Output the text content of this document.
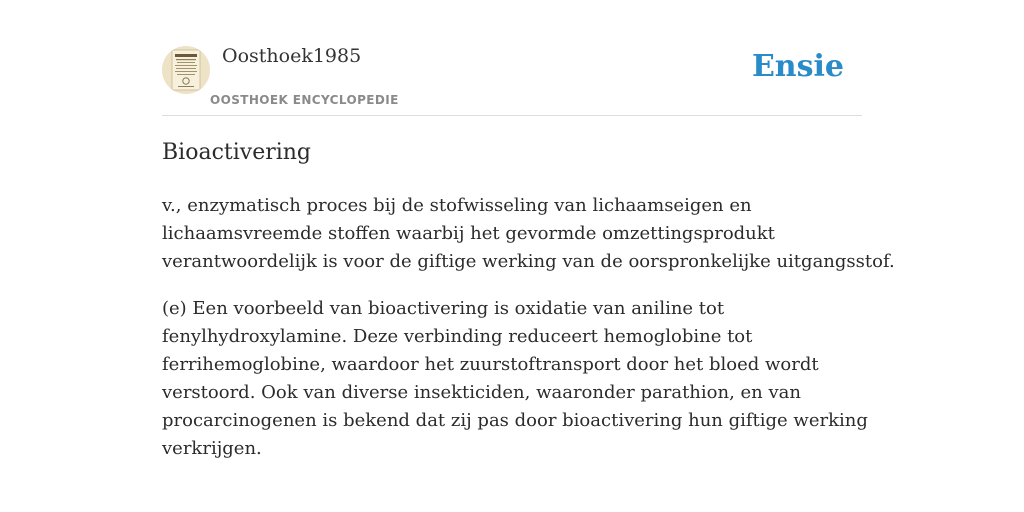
Oosthoek1985
OOSTHOEK ENCYCLOPEDIE
Ensie
Bioactivering

v., enzymatisch proces bij de stofwisseling van lichaamseigen en
lichaamsvreemde stoffen waarbij het gevormde omzettingsprodukt
verantwoordelijk is voor de giftige werking van de oorspronkelijke uitgangsstof.

(e) Een voorbeeld van bioactivering is oxidatie van aniline tot
fenylhydroxylamine. Deze verbinding reduceert hemoglobine tot
ferrihemoglobine, waardoor het zuurstoftransport door het bloed wordt
verstoord. Ook van diverse insekticiden, waaronder parathion, en van
procarcinogenen is bekend dat zij pas door bioactivering hun giftige werking
verkrijgen.
